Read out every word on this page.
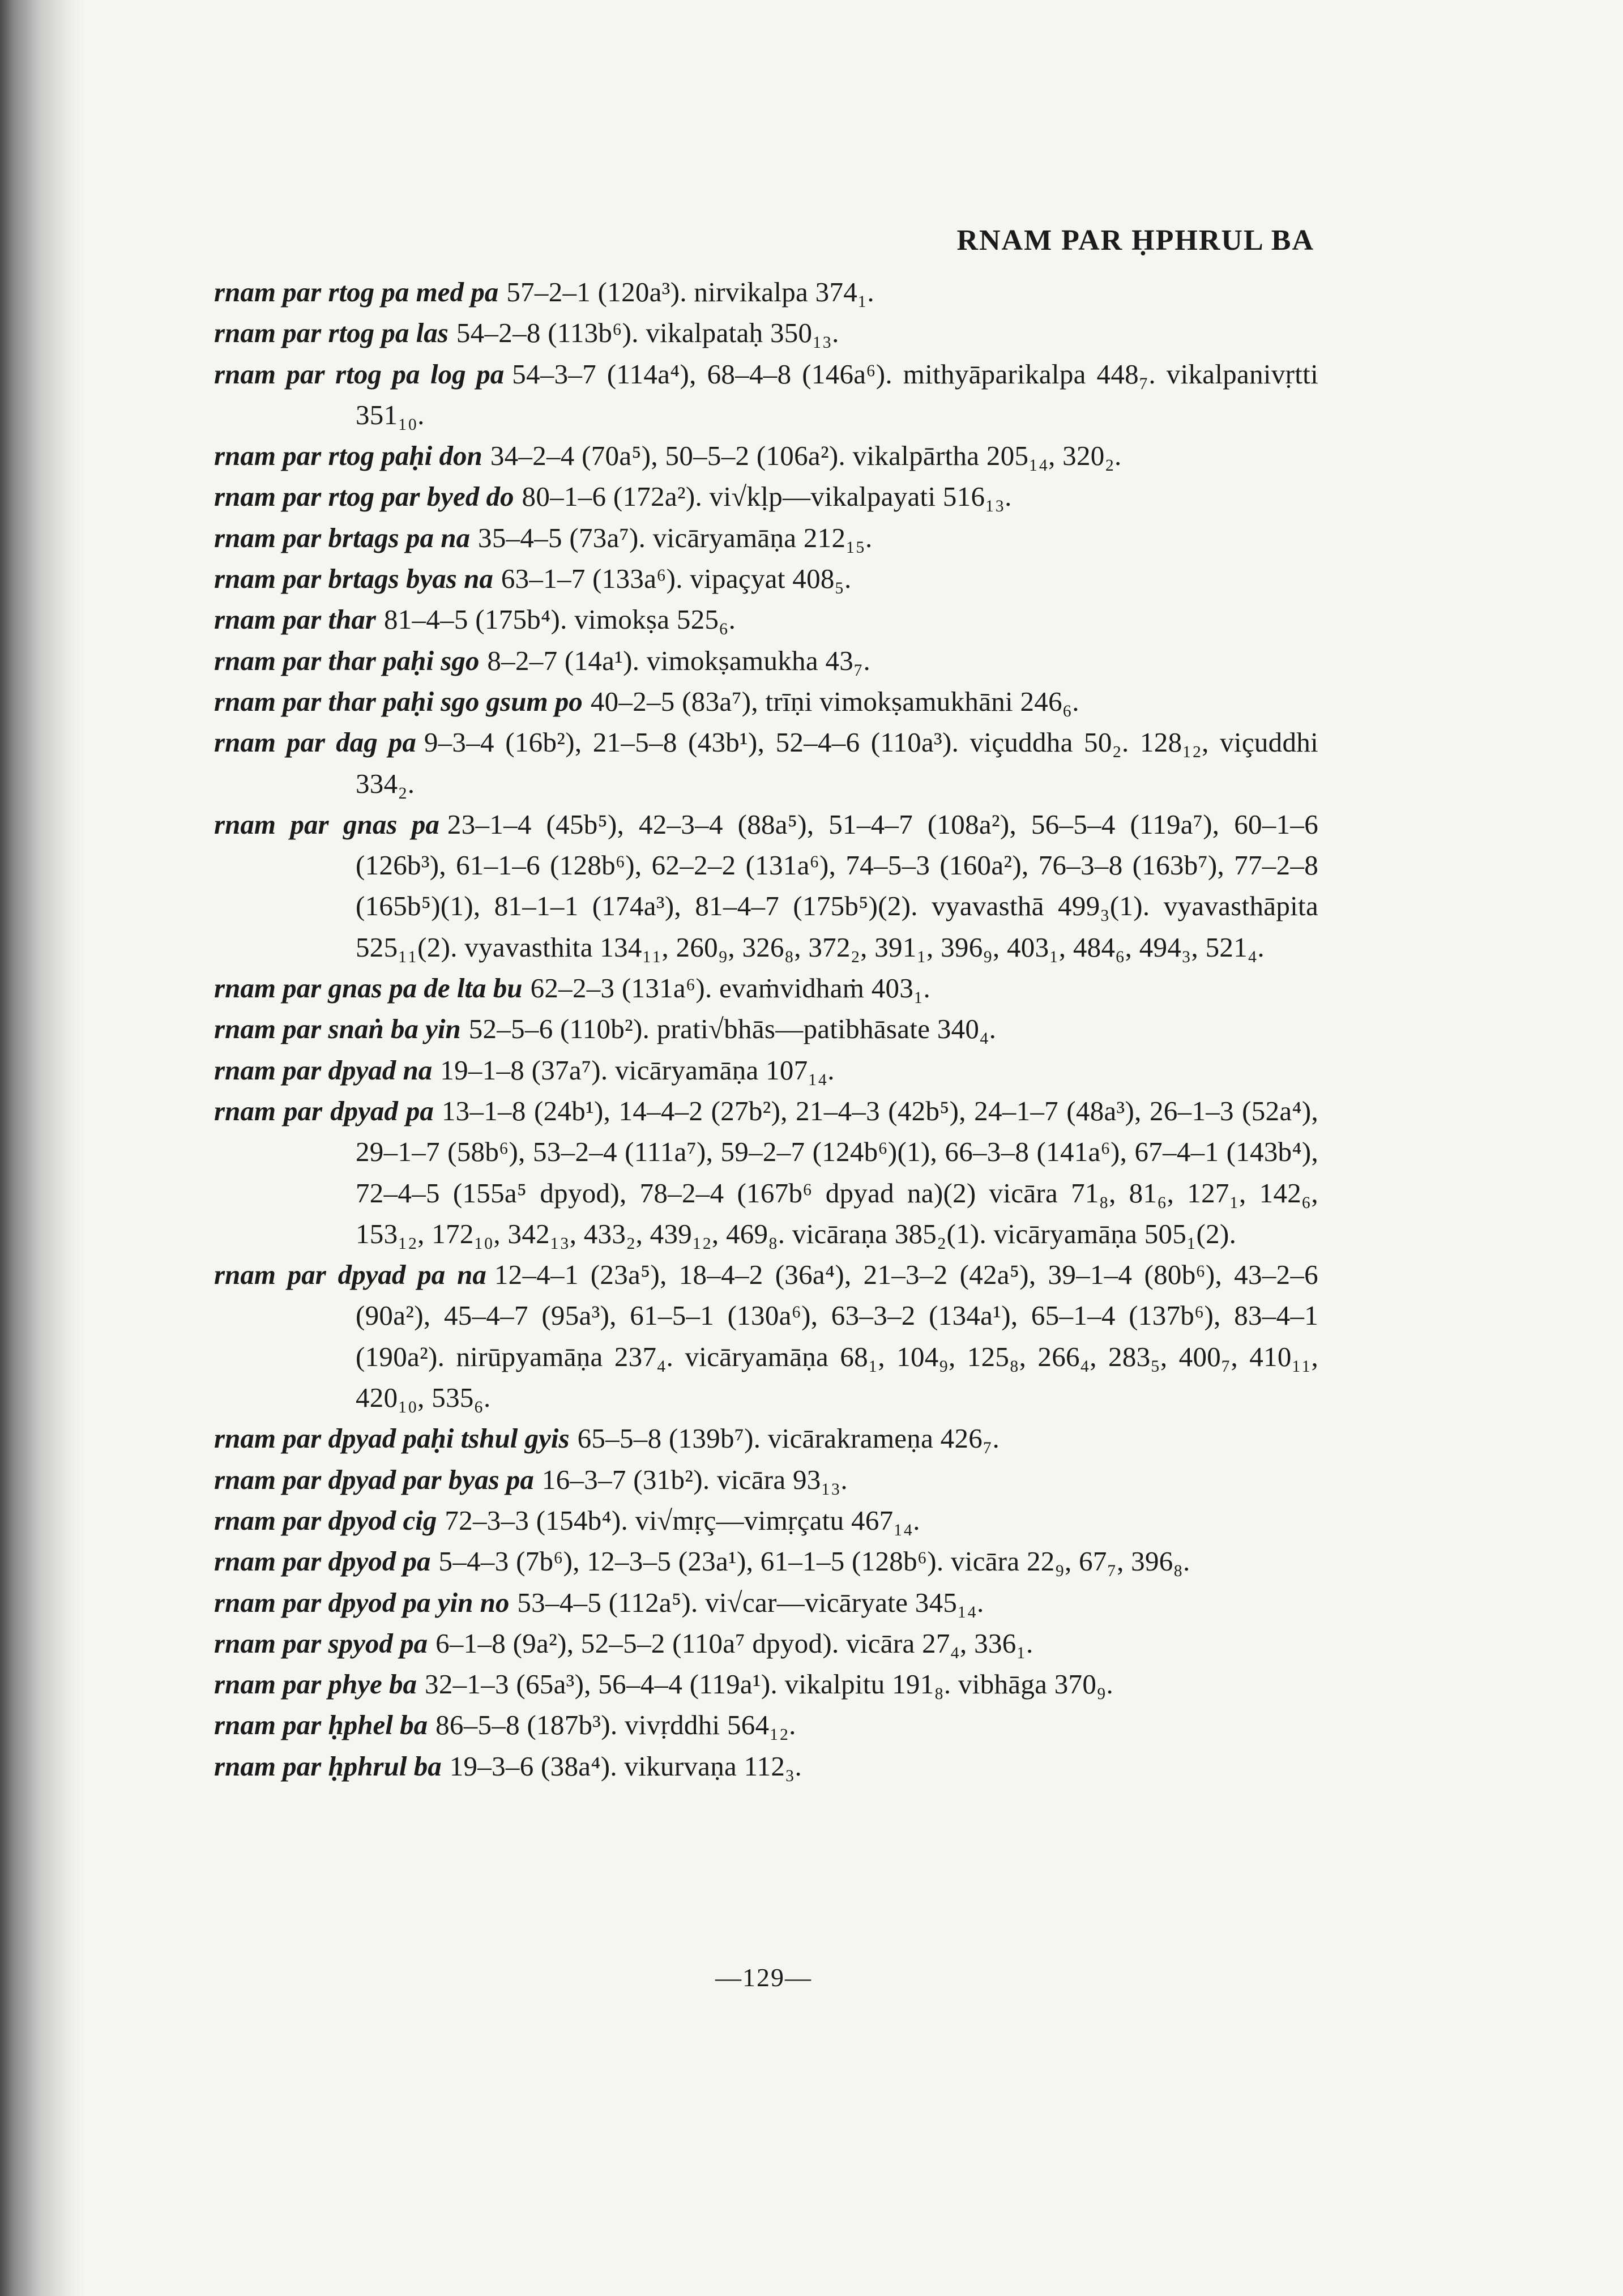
RNAM PAR ḤPHRUL BA

rnam par rtog pa med pa 57–2–1 (120a³). nirvikalpa 374₁.

rnam par rtog pa las 54–2–8 (113b⁶). vikalpataḥ 350₁₃.

rnam par rtog pa log pa 54–3–7 (114a⁴), 68–4–8 (146a⁶). mithyāparikalpa 448₇. vikalpanivṛtti 351₁₀.

rnam par rtog paḥi don 34–2–4 (70a⁵), 50–5–2 (106a²). vikalpārtha 205₁₄, 320₂.

rnam par rtog par byed do 80–1–6 (172a²). vi√kḷp—vikalpayati 516₁₃.

rnam par brtags pa na 35–4–5 (73a⁷). vicāryamāṇa 212₁₅.

rnam par brtags byas na 63–1–7 (133a⁶). vipaçyat 408₅.

rnam par thar 81–4–5 (175b⁴). vimokṣa 525₆.

rnam par thar paḥi sgo 8–2–7 (14a¹). vimokṣamukha 43₇.

rnam par thar paḥi sgo gsum po 40–2–5 (83a⁷), trīṇi vimokṣamukhāni 246₆.

rnam par dag pa 9–3–4 (16b²), 21–5–8 (43b¹), 52–4–6 (110a³). viçuddha 50₂. 128₁₂, viçuddhi 334₂.

rnam par gnas pa 23–1–4 (45b⁵), 42–3–4 (88a⁵), 51–4–7 (108a²), 56–5–4 (119a⁷), 60–1–6 (126b³), 61–1–6 (128b⁶), 62–2–2 (131a⁶), 74–5–3 (160a²), 76–3–8 (163b⁷), 77–2–8 (165b⁵)(1), 81–1–1 (174a³), 81–4–7 (175b⁵)(2). vyavasthā 499₃(1). vyavasthāpita 525₁₁(2). vyavasthita 134₁₁, 260₉, 326₈, 372₂, 391₁, 396₉, 403₁, 484₆, 494₃, 521₄.

rnam par gnas pa de lta bu 62–2–3 (131a⁶). evaṁvidhaṁ 403₁.

rnam par snaṅ ba yin 52–5–6 (110b²). prati√bhās—patibhāsate 340₄.

rnam par dpyad na 19–1–8 (37a⁷). vicāryamāṇa 107₁₄.

rnam par dpyad pa 13–1–8 (24b¹), 14–4–2 (27b²), 21–4–3 (42b⁵), 24–1–7 (48a³), 26–1–3 (52a⁴), 29–1–7 (58b⁶), 53–2–4 (111a⁷), 59–2–7 (124b⁶)(1), 66–3–8 (141a⁶), 67–4–1 (143b⁴), 72–4–5 (155a⁵ dpyod), 78–2–4 (167b⁶ dpyad na)(2) vicāra 71₈, 81₆, 127₁, 142₆, 153₁₂, 172₁₀, 342₁₃, 433₂, 439₁₂, 469₈. vicāraṇa 385₂(1). vicāryamāṇa 505₁(2).

rnam par dpyad pa na 12–4–1 (23a⁵), 18–4–2 (36a⁴), 21–3–2 (42a⁵), 39–1–4 (80b⁶), 43–2–6 (90a²), 45–4–7 (95a³), 61–5–1 (130a⁶), 63–3–2 (134a¹), 65–1–4 (137b⁶), 83–4–1 (190a²). nirūpyamāṇa 237₄. vicāryamāṇa 68₁, 104₉, 125₈, 266₄, 283₅, 400₇, 410₁₁, 420₁₀, 535₆.

rnam par dpyad paḥi tshul gyis 65–5–8 (139b⁷). vicārakrameṇa 426₇.

rnam par dpyad par byas pa 16–3–7 (31b²). vicāra 93₁₃.

rnam par dpyod cig 72–3–3 (154b⁴). vi√mṛç—vimṛçatu 467₁₄.

rnam par dpyod pa 5–4–3 (7b⁶), 12–3–5 (23a¹), 61–1–5 (128b⁶). vicāra 22₉, 67₇, 396₈.

rnam par dpyod pa yin no 53–4–5 (112a⁵). vi√car—vicāryate 345₁₄.

rnam par spyod pa 6–1–8 (9a²), 52–5–2 (110a⁷ dpyod). vicāra 27₄, 336₁.

rnam par phye ba 32–1–3 (65a³), 56–4–4 (119a¹). vikalpitu 191₈. vibhāga 370₉.

rnam par ḥphel ba 86–5–8 (187b³). vivṛddhi 564₁₂.

rnam par ḥphrul ba 19–3–6 (38a⁴). vikurvaṇa 112₃.

—129—
